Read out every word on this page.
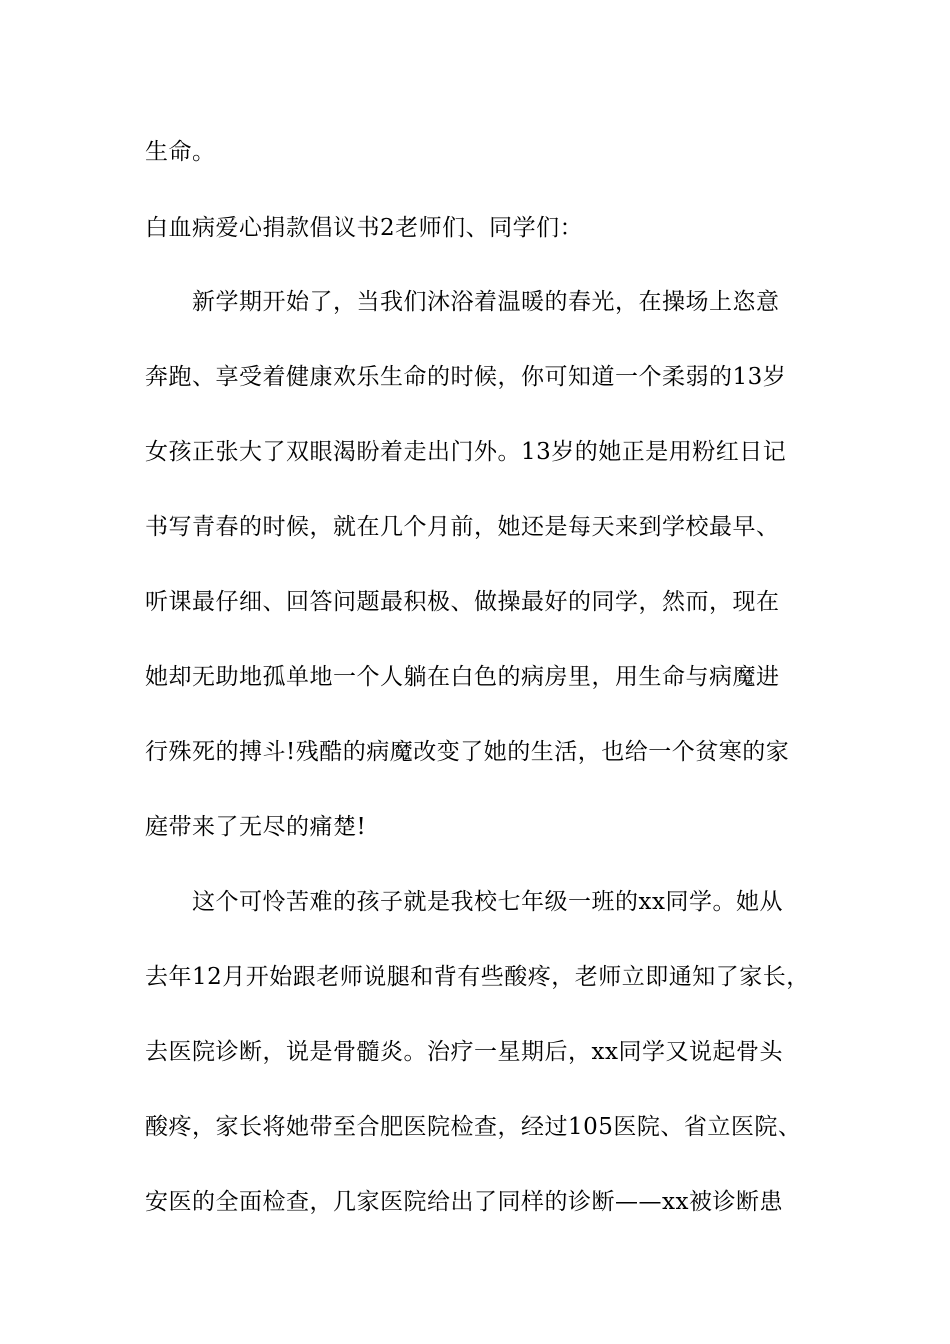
生命。
白血病爱心捐款倡议书2老师们、同学们：
新学期开始了，当我们沐浴着温暖的春光，在操场上恣意
奔跑、享受着健康欢乐生命的时候，你可知道一个柔弱的13岁
女孩正张大了双眼渴盼着走出门外。13岁的她正是用粉红日记
书写青春的时候，就在几个月前，她还是每天来到学校最早、
听课最仔细、回答问题最积极、做操最好的同学，然而，现在
她却无助地孤单地一个人躺在白色的病房里，用生命与病魔进
行殊死的搏斗!残酷的病魔改变了她的生活，也给一个贫寒的家
庭带来了无尽的痛楚!
这个可怜苦难的孩子就是我校七年级一班的xx同学。她从
去年12月开始跟老师说腿和背有些酸疼，老师立即通知了家长，
去医院诊断，说是骨髓炎。治疗一星期后，xx同学又说起骨头
酸疼，家长将她带至合肥医院检查，经过105医院、省立医院、
安医的全面检查，几家医院给出了同样的诊断——xx被诊断患
